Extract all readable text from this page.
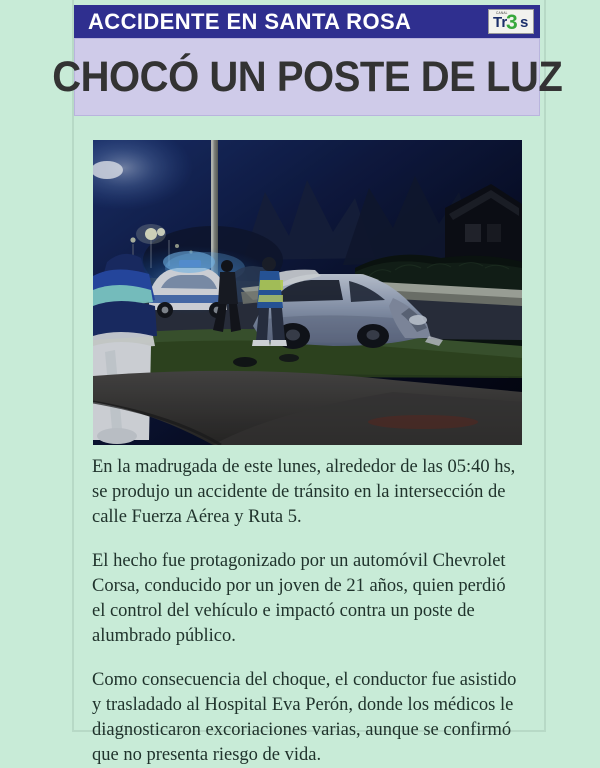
ACCIDENTE EN SANTA ROSA	CANAL
Tr
3 s
CHOCÓ UN POSTE DE LUZ

En la madrugada de este lunes, alrededor de las 05:40 hs, se produjo un accidente de tránsito en la intersección de calle Fuerza Aérea y Ruta 5.

El hecho fue protagonizado por un automóvil Chevrolet Corsa, conducido por un joven de 21 años, quien perdió el control del vehículo e impactó contra un poste de alumbrado público.

Como consecuencia del choque, el conductor fue asistido y trasladado al Hospital Eva Perón, donde los médicos le diagnosticaron excoriaciones varias, aunque se confirmó que no presenta riesgo de vida.
